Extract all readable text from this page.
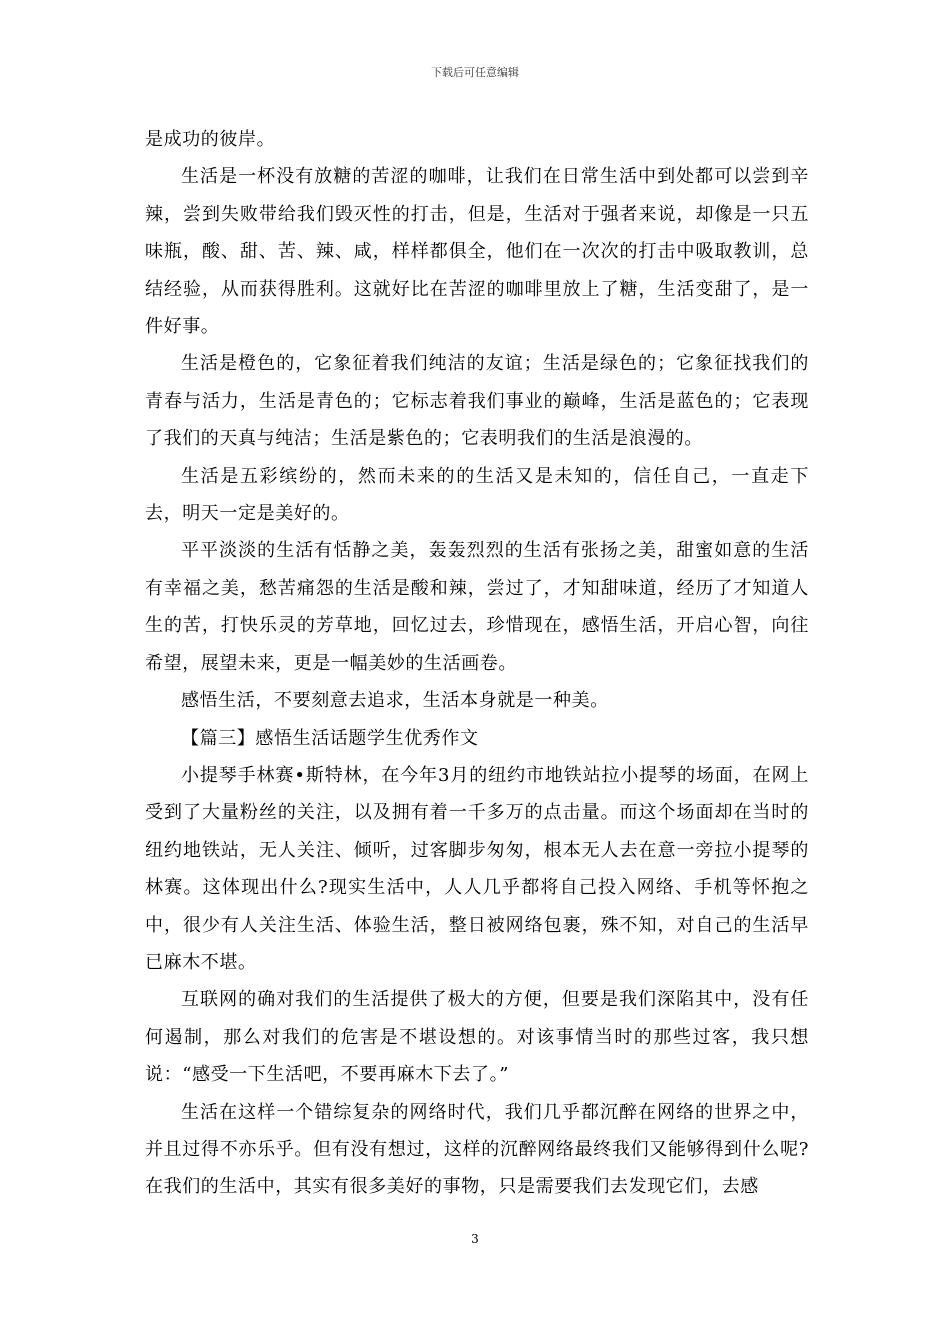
下载后可任意编辑

是成功的彼岸。

生活是一杯没有放糖的苦涩的咖啡，让我们在日常生活中到处都可以尝到辛辣，尝到失败带给我们毁灭性的打击，但是，生活对于强者来说，却像是一只五味瓶，酸、甜、苦、辣、咸，样样都俱全，他们在一次次的打击中吸取教训，总结经验，从而获得胜利。这就好比在苦涩的咖啡里放上了糖，生活变甜了，是一件好事。

生活是橙色的，它象征着我们纯洁的友谊；生活是绿色的；它象征找我们的青春与活力，生活是青色的；它标志着我们事业的巅峰，生活是蓝色的；它表现了我们的天真与纯洁；生活是紫色的；它表明我们的生活是浪漫的。

生活是五彩缤纷的，然而未来的的生活又是未知的，信任自己，一直走下去，明天一定是美好的。

平平淡淡的生活有恬静之美，轰轰烈烈的生活有张扬之美，甜蜜如意的生活有幸福之美，愁苦痛怨的生活是酸和辣，尝过了，才知甜味道，经历了才知道人生的苦，打快乐灵的芳草地，回忆过去，珍惜现在，感悟生活，开启心智，向往希望，展望未来，更是一幅美妙的生活画卷。

感悟生活，不要刻意去追求，生活本身就是一种美。

【篇三】感悟生活话题学生优秀作文

小提琴手林赛•斯特林，在今年3月的纽约市地铁站拉小提琴的场面，在网上受到了大量粉丝的关注，以及拥有着一千多万的点击量。而这个场面却在当时的纽约地铁站，无人关注、倾听，过客脚步匆匆，根本无人去在意一旁拉小提琴的林赛。这体现出什么?现实生活中，人人几乎都将自己投入网络、手机等怀抱之中，很少有人关注生活、体验生活，整日被网络包裹，殊不知，对自己的生活早已麻木不堪。

互联网的确对我们的生活提供了极大的方便，但要是我们深陷其中，没有任何遏制，那么对我们的危害是不堪设想的。对该事情当时的那些过客，我只想说：“感受一下生活吧，不要再麻木下去了。”

生活在这样一个错综复杂的网络时代，我们几乎都沉醉在网络的世界之中，并且过得不亦乐乎。但有没有想过，这样的沉醉网络最终我们又能够得到什么呢?在我们的生活中，其实有很多美好的事物，只是需要我们去发现它们，去感

3
